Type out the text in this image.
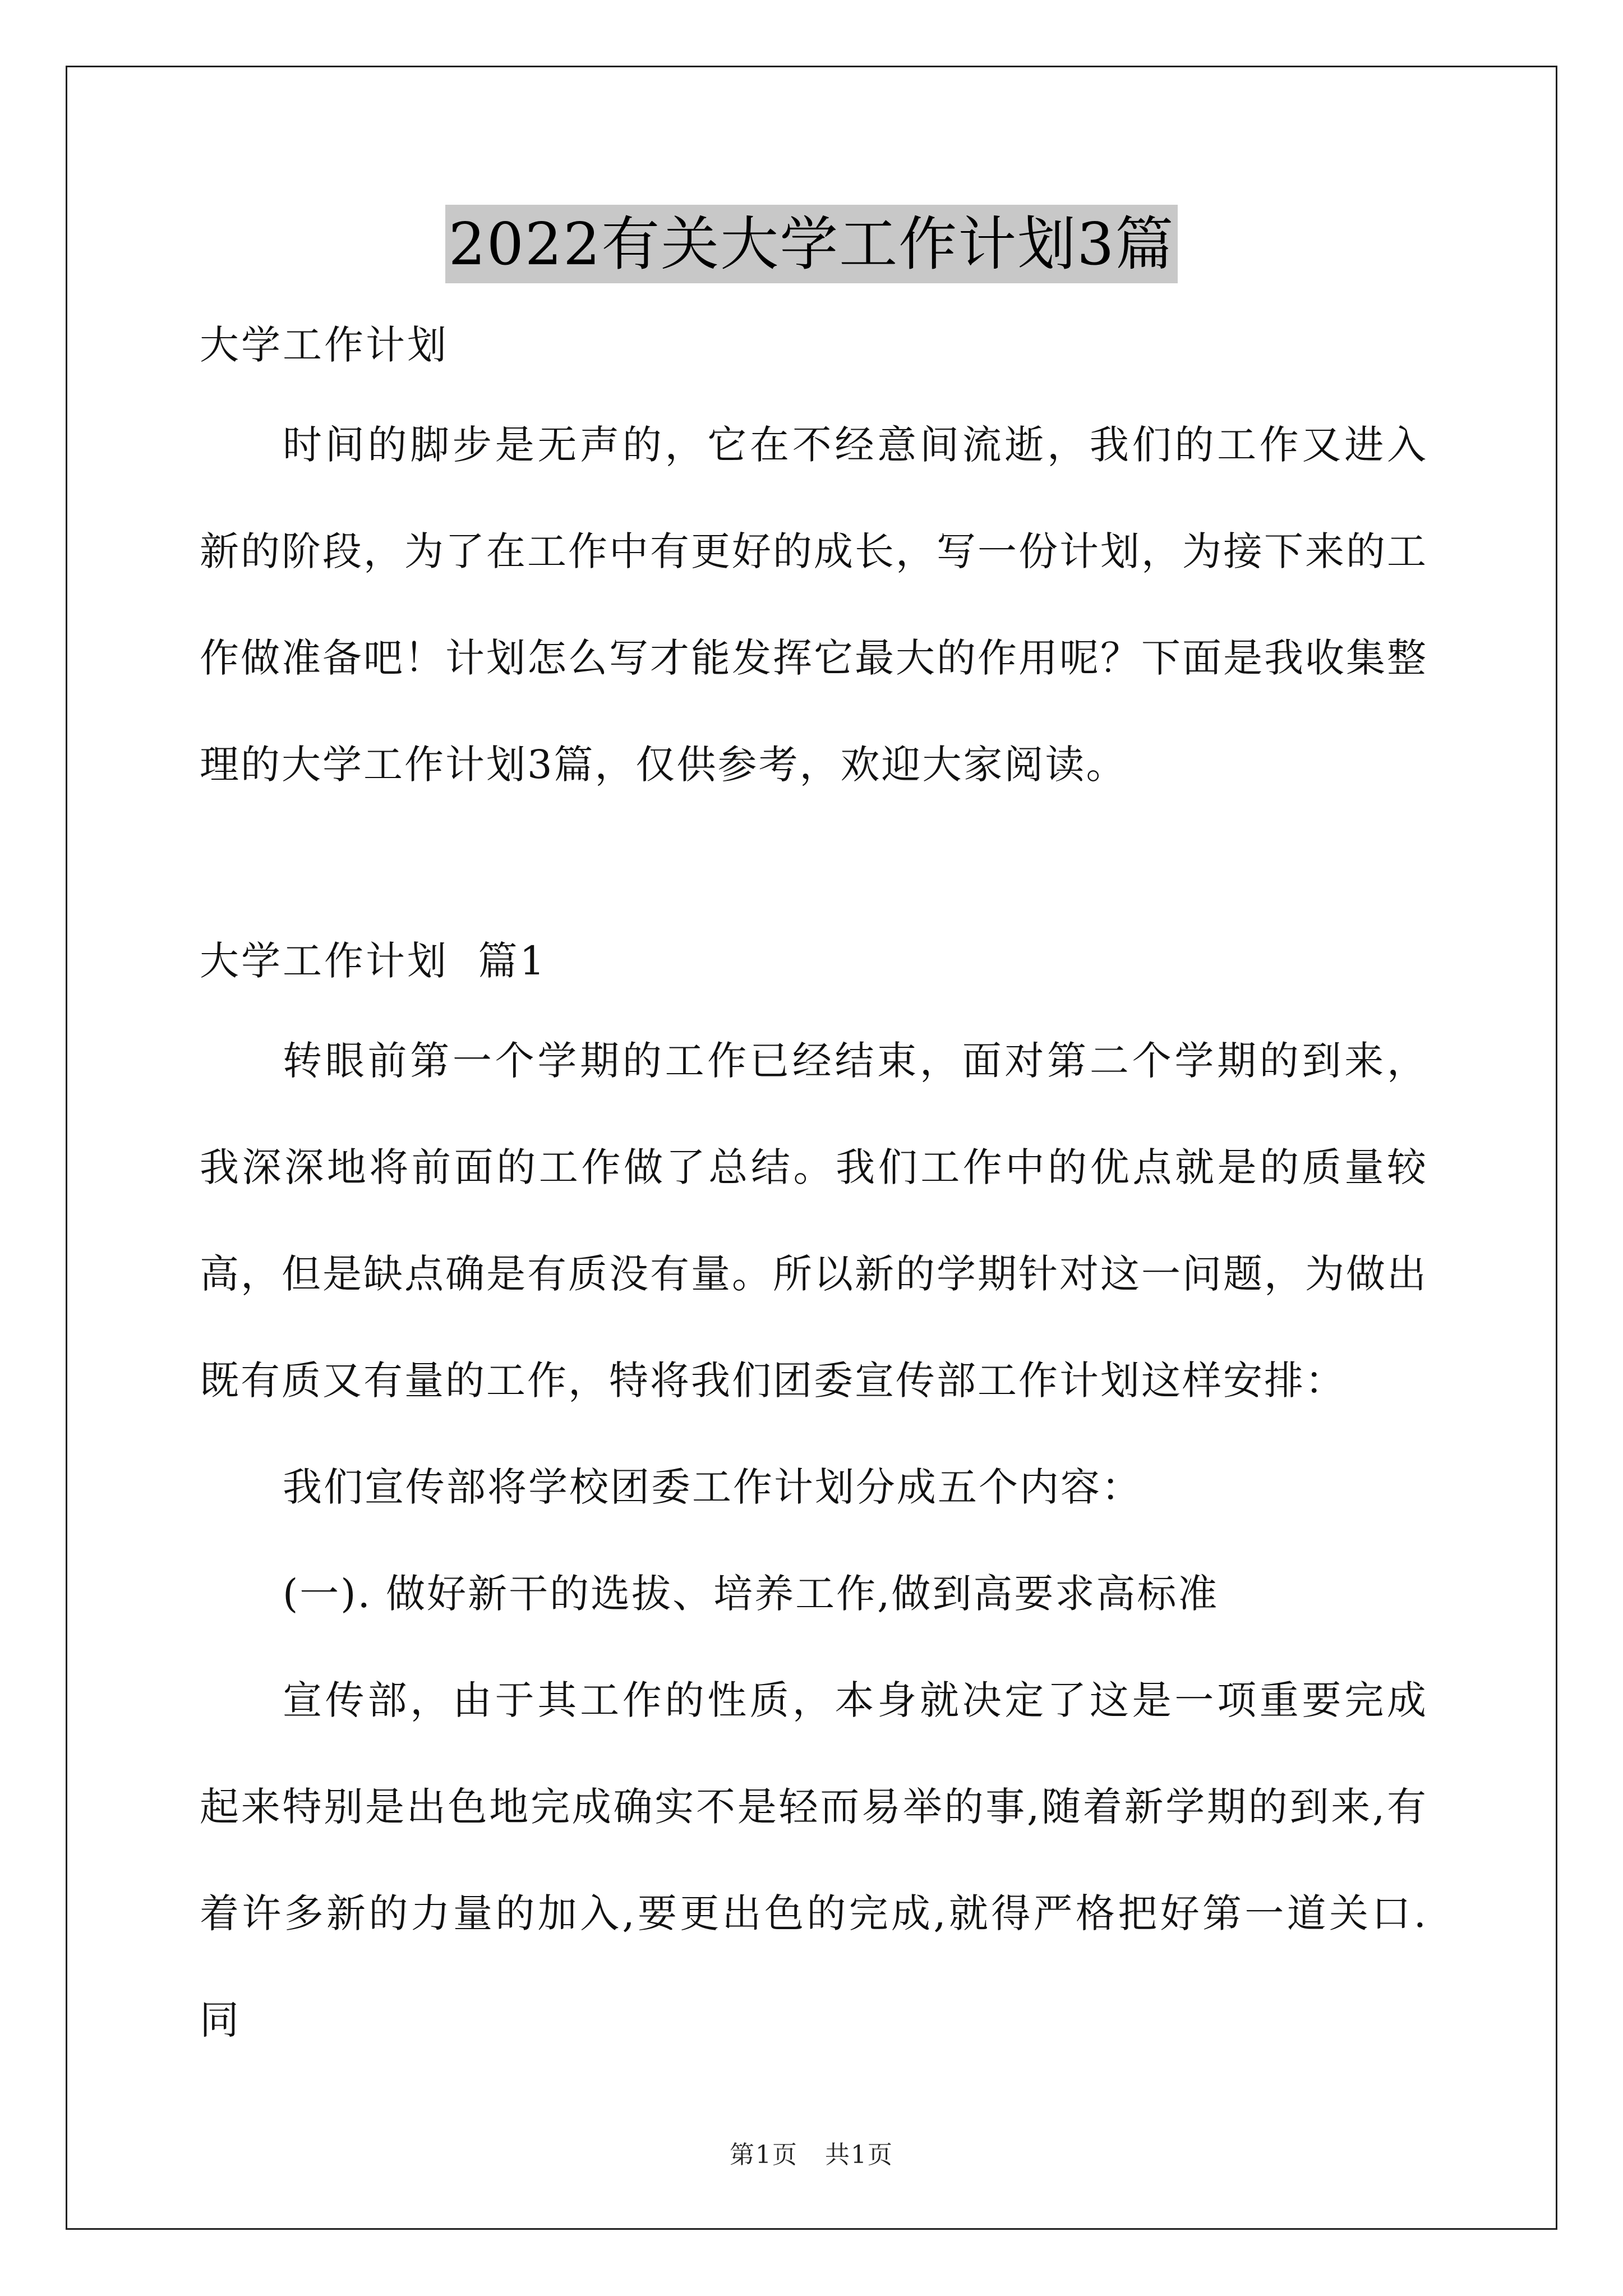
2022有关大学工作计划3篇

大学工作计划

时间的脚步是无声的，它在不经意间流逝，我们的工作又进入新的阶段，为了在工作中有更好的成长，写一份计划，为接下来的工作做准备吧！计划怎么写才能发挥它最大的作用呢？下面是我收集整理的大学工作计划3篇，仅供参考，欢迎大家阅读。

大学工作计划  篇1

转眼前第一个学期的工作已经结束，面对第二个学期的到来，我深深地将前面的工作做了总结。我们工作中的优点就是的质量较高，但是缺点确是有质没有量。所以新的学期针对这一问题，为做出既有质又有量的工作，特将我们团委宣传部工作计划这样安排：

我们宣传部将学校团委工作计划分成五个内容：

(一). 做好新干的选拔、培养工作,做到高要求高标准

宣传部，由于其工作的性质，本身就决定了这是一项重要完成起来特别是出色地完成确实不是轻而易举的事,随着新学期的到来,有着许多新的力量的加入,要更出色的完成,就得严格把好第一道关口.同

第1页   共1页
